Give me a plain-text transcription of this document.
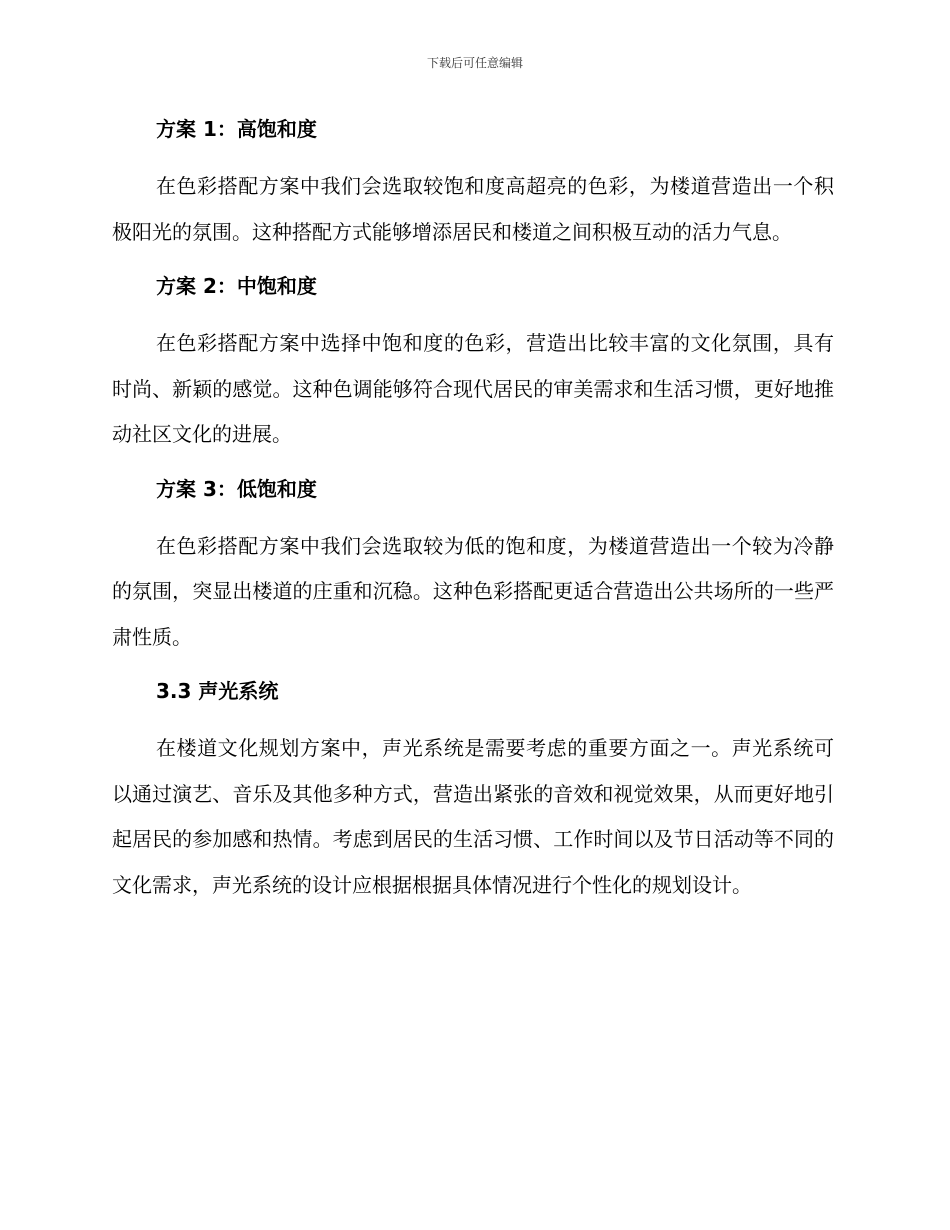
下载后可任意编辑
方案 1：高饱和度

在色彩搭配方案中我们会选取较饱和度高超亮的色彩，为楼道营造出一个积极阳光的氛围。这种搭配方式能够增添居民和楼道之间积极互动的活力气息。

方案 2：中饱和度

在色彩搭配方案中选择中饱和度的色彩，营造出比较丰富的文化氛围，具有时尚、新颖的感觉。这种色调能够符合现代居民的审美需求和生活习惯，更好地推动社区文化的进展。

方案 3：低饱和度

在色彩搭配方案中我们会选取较为低的饱和度，为楼道营造出一个较为冷静的氛围，突显出楼道的庄重和沉稳。这种色彩搭配更适合营造出公共场所的一些严肃性质。

3.3 声光系统

在楼道文化规划方案中，声光系统是需要考虑的重要方面之一。声光系统可以通过演艺、音乐及其他多种方式，营造出紧张的音效和视觉效果，从而更好地引起居民的参加感和热情。考虑到居民的生活习惯、工作时间以及节日活动等不同的文化需求，声光系统的设计应根据根据具体情况进行个性化的规划设计。
